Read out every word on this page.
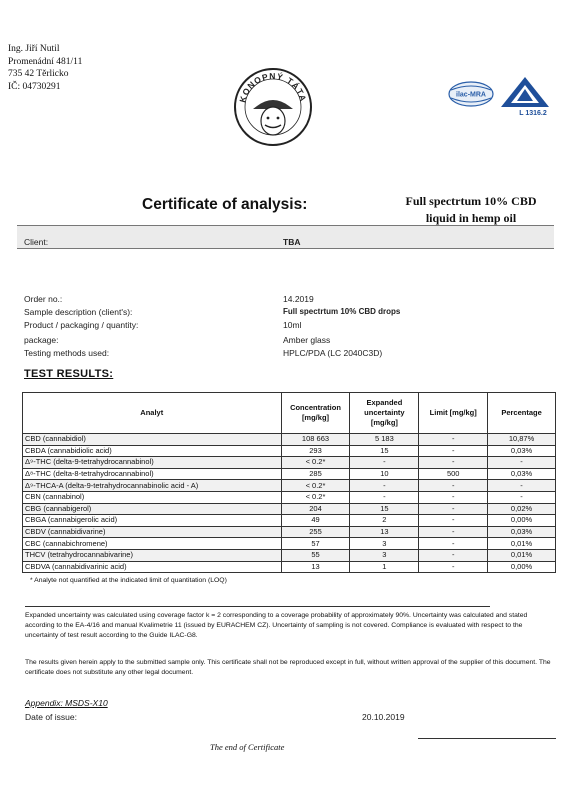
Ing. Jiří Nutil
Promenádní 481/11
735 42 Těrlicko
IČ: 04730291
KONOPNÝ TÁTA	ilac-MRA
L 1316.2
Certificate of analysis:	Full spectrtum 10% CBD
liquid in hemp oil
Client:	TBA
Order no.:	14.2019
Sample description (client's):	Full spectrtum 10% CBD drops
Product / packaging / quantity:	10ml
package:	Amber glass
Testing methods used:	HPLC/PDA (LC 2040C3D)
TEST RESULTS:
Analyt	Concentration [mg/kg]	Expanded uncertainty [mg/kg]	Limit [mg/kg]	Percentage
CBD (cannabidiol)	108 663	5 183	-	10,87%
CBDA (cannabidiolic acid)	293	15	-	0,03%
Δ⁹-THC (delta-9-tetrahydrocannabinol)	< 0.2*	-	-	-
Δ⁸-THC (delta-8-tetrahydrocannabinol)	285	10	500	0,03%
Δ⁹-THCA-A (delta-9-tetrahydrocannabinolic acid - A)	< 0.2*	-	-	-
CBN (cannabinol)	< 0.2*	-	-	-
CBG (cannabigerol)	204	15	-	0,02%
CBGA (cannabigerolic acid)	49	2	-	0,00%
CBDV (cannabidivarine)	255	13	-	0,03%
CBC (cannabichromene)	57	3	-	0,01%
THCV (tetrahydrocannabivarine)	55	3	-	0,01%
CBDVA (cannabidivarinic acid)	13	1	-	0,00%
* Analyte not quantified at the indicated limit of quantitation (LOQ)
Expanded uncertainty was calculated using coverage factor k = 2 corresponding to a coverage probability of approximately 90%. Uncertainty was calculated and stated according to the EA-4/16 and manual Kvalimetrie 11 (issued by EURACHEM CZ). Uncertainty of sampling is not covered. Compliance is evaluated with respect to the uncertainty of test result according to the Guide ILAC-G8.
The results given herein apply to the submitted sample only. This certificate shall not be reproduced except in full, without written approval of the supplier of this document. The certificate does not substitute any other legal document.
Appendix: MSDS-X10
Date of issue:	20.10.2019
The end of Certificate
